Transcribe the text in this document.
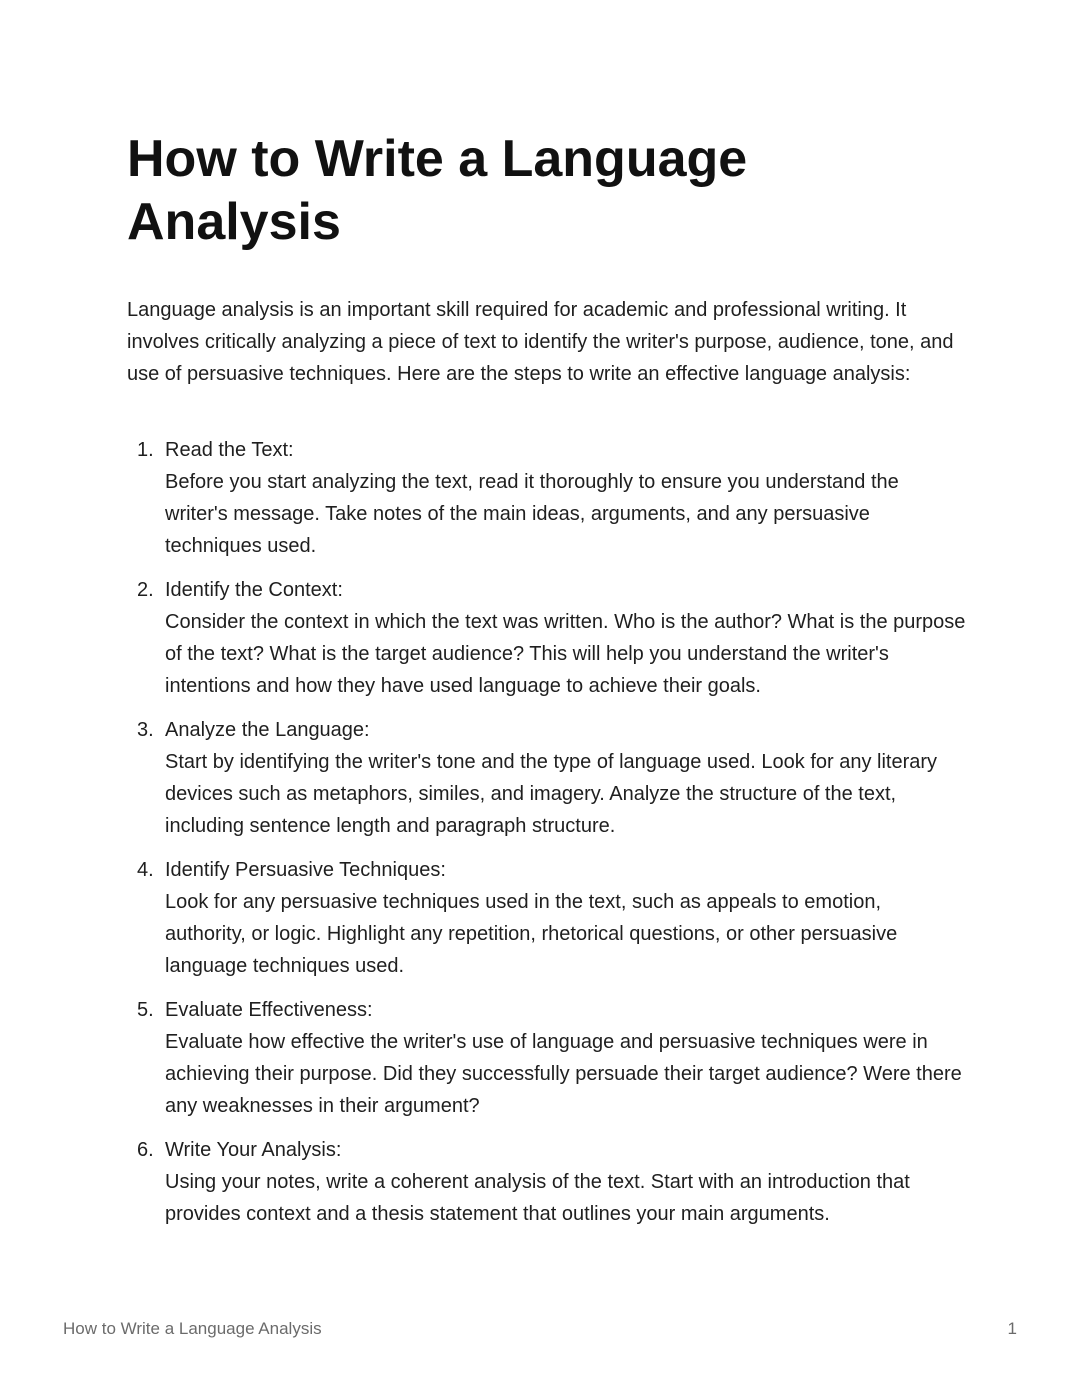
How to Write a Language Analysis

Language analysis is an important skill required for academic and professional writing. It involves critically analyzing a piece of text to identify the writer's purpose, audience, tone, and use of persuasive techniques. Here are the steps to write an effective language analysis:

1. Read the Text:
Before you start analyzing the text, read it thoroughly to ensure you understand the writer's message. Take notes of the main ideas, arguments, and any persuasive techniques used.
2. Identify the Context:
Consider the context in which the text was written. Who is the author? What is the purpose of the text? What is the target audience? This will help you understand the writer's intentions and how they have used language to achieve their goals.
3. Analyze the Language:
Start by identifying the writer's tone and the type of language used. Look for any literary devices such as metaphors, similes, and imagery. Analyze the structure of the text, including sentence length and paragraph structure.
4. Identify Persuasive Techniques:
Look for any persuasive techniques used in the text, such as appeals to emotion, authority, or logic. Highlight any repetition, rhetorical questions, or other persuasive language techniques used.
5. Evaluate Effectiveness:
Evaluate how effective the writer's use of language and persuasive techniques were in achieving their purpose. Did they successfully persuade their target audience? Were there any weaknesses in their argument?
6. Write Your Analysis:
Using your notes, write a coherent analysis of the text. Start with an introduction that provides context and a thesis statement that outlines your main arguments.
How to Write a Language Analysis	1
